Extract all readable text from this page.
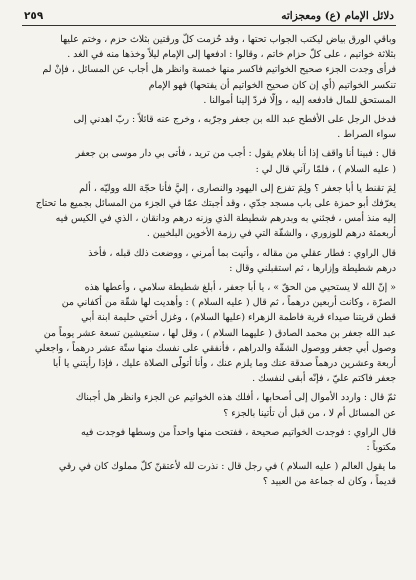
دلائل الإمام (ع) ومعجزاته
٢٥٩
وباقي الورق بياض ليكتب الجواب تحتها ، وقد حُزمت كلّ ورقتين بثلاث حزم ، وختم عليها
بثلاثة خواتيم ، على كلّ حزام خاتم ، وقالوا : ادفعها إلى الإمام ليلاً وخذها منه في الغد .
فرأى وجدت الجزء صحيح الخواتيم فاكسر منها خمسة وانظر هل أجاب عن المسائل ، فإنْ لم
تنكسر الخواتيم (أي إن كان صحيح الخواتيم أن يفتحها) فهو الإمام
المستحق للمال فادفعه إليه ، وإلّا فردّ إلينا أموالنا .
فدخل الرجل على الأفطح عبد الله بن جعفر وجرّبه ، وخرج عنه قائلاً : ربّ اهدني إلى
سواء الصراط .
قال : فبينا أنا واقف إذا أنا بغلام يقول : أجب من تريد ، فأتى بي دار موسى بن جعفر
( عليه السلام ) ، فلمّا رآني قال لي :
لِمَ تقنط يا أبا جعفر ؟ ولِمَ تفزع إلى اليهود والنصارى ، إليَّ فأنا حجّة الله ووليّه ، ألم
يعرّفك أبو حمزة على باب مسجد جدّي ، وقد أجبتك عمّا في الجزء من المسائل بجميع ما تحتاج
إليه منذ أمس ، فجئني به وبدرهم شطيطة الذي وزنه درهم ودانقان ، الذي في الكيس فيه
أربعمئة درهم للوزوري ، والشقّة التي في رزمة الأخوين البلخيين .
قال الراوي : فطار عقلي من مقاله ، وأتيت بما أمرني ، ووضعت ذلك قبله ، فأخذ
درهم شطيطة وإزارها ، ثم استقبلني وقال :
« إنّ الله لا يستحيي من الحقّ » ، يا أبا جعفر ، أبلغ شطيطة سلامي ، وأعطها هذه
الصرّة ، وكانت أربعين درهماً ، ثم قال ( عليه السلام ) : وأهديت لها شقّة من أكفاني من
قطن قريتنا صيداء قرية فاطمة الزهراء (عليها السلام) ، وغزل أختي حليمة ابنة أبي
عبد الله جعفر بن محمد الصادق ( عليهما السلام ) ، وقل لها ، ستعيشين تسعة عشر يوماً من
وصول أبي جعفر ووصول الشقّة والدراهم ، فأنفقي على نفسك منها ستّة عشر درهماً ، واجعلي
أربعة وعشرين درهماً صدقة عنك وما يلزم عنك ، وأنا أتولّى الصلاة عليك ، فإذا رأيتني يا أبا
جعفر فاكتم عليّ ، فإنّه أبقى لنفسك .
ثمّ قال : واردد الأموال إلى أصحابها ، أفلك هذه الخواتيم عن الجزء وانظر هل أجبناك
عن المسائل أم لا ، من قبل أن تأتينا بالجزء ؟
قال الراوي : فوجدت الخواتيم صحيحة ، ففتحت منها واحداً من وسطها فوجدت فيه
مكتوباً :
ما يقول العالم ( عليه السلام ) في رجل قال : نذرت لله لأعتقنّ كلّ مملوك كان في رقي
قديماً ، وكان له جماعة من العبيد ؟
